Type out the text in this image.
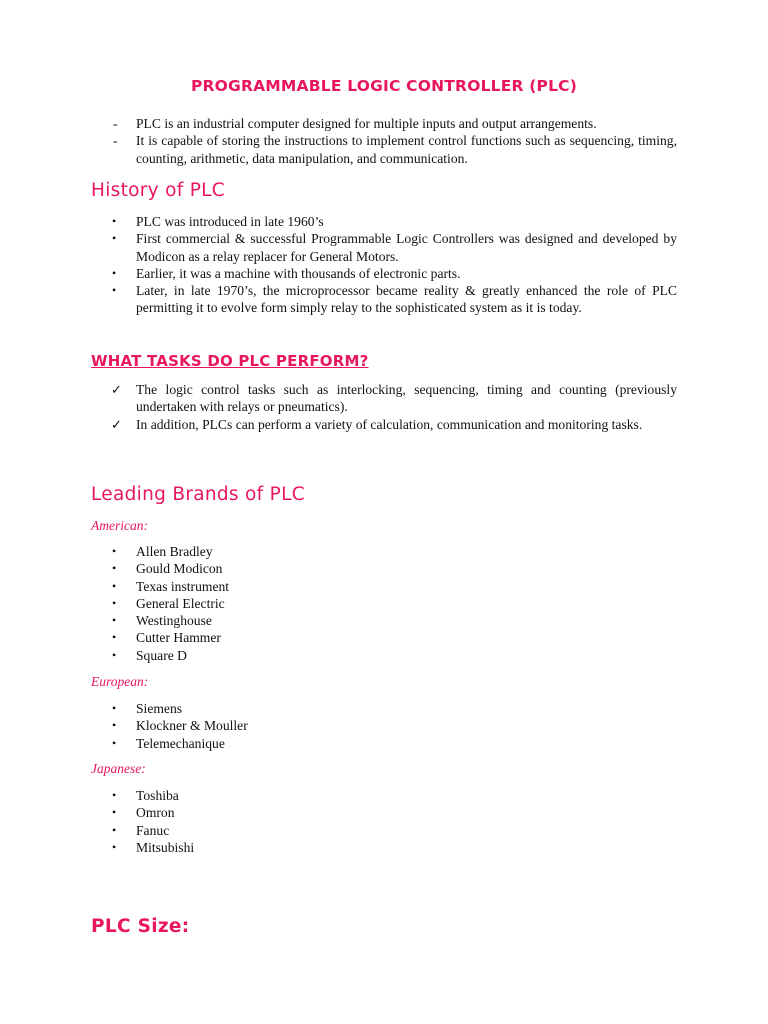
PROGRAMMABLE LOGIC CONTROLLER (PLC)
-	PLC is an industrial computer designed for multiple inputs and output arrangements.
-	It is capable of storing the instructions to implement control functions such as sequencing, timing, counting, arithmetic, data manipulation, and communication.
History of PLC
•	PLC was introduced in late 1960’s
•	First commercial & successful Programmable Logic Controllers was designed and developed by Modicon as a relay replacer for General Motors.
•	Earlier, it was a machine with thousands of electronic parts.
•	Later, in late 1970’s, the microprocessor became reality & greatly enhanced the role of PLC permitting it to evolve form simply relay to the sophisticated system as it is today.
WHAT TASKS DO PLC PERFORM?
✓ The logic control tasks such as interlocking, sequencing, timing and counting (previously undertaken with relays or pneumatics).
✓ In addition, PLCs can perform a variety of calculation, communication and monitoring tasks.
Leading Brands of PLC

American:

•	Allen Bradley
•	Gould Modicon
•	Texas instrument
•	General Electric
•	Westinghouse
•	Cutter Hammer
•	Square D

European:

•	Siemens
•	Klockner & Mouller
•	Telemechanique

Japanese:

•	Toshiba
•	Omron
•	Fanuc
•	Mitsubishi
PLC Size:
